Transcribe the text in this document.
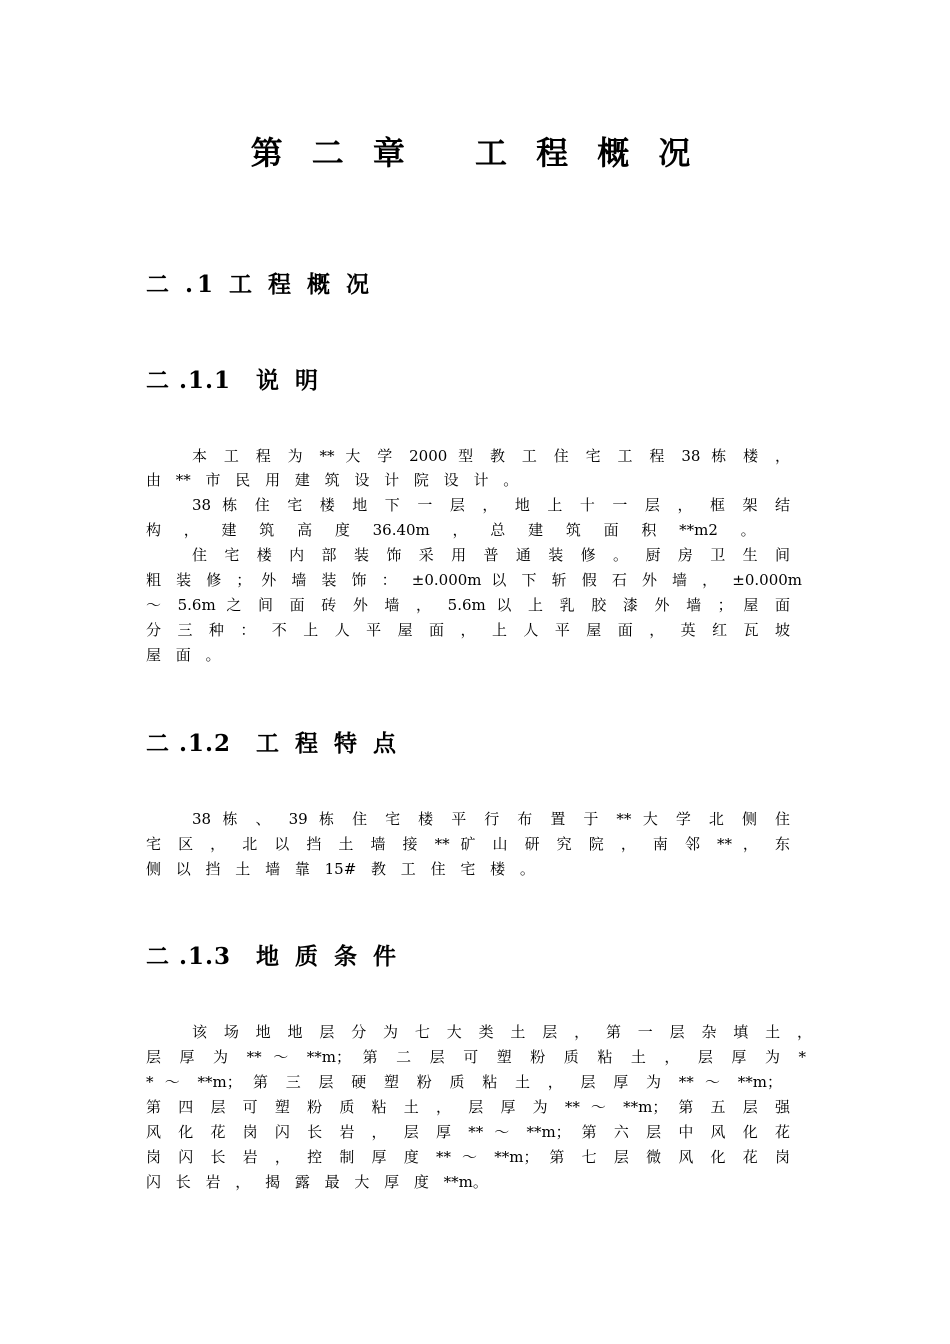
第 二 章　 工 程 概 况
二 .1 工 程 概 况
二 .1.1	说 明
本 工 程 为 ** 大 学 2000 型 教 工 住 宅 工 程 38 栋 楼 ，
由 ** 市 民 用 建 筑 设 计 院 设 计 。
38 栋 住 宅 楼 地 下 一 层 ， 地 上 十 一 层 ， 框 架 结
构 ， 建 筑 高 度 36.40m ， 总 建 筑 面 积 **m2 。
住 宅 楼 内 部 装 饰 采 用 普 通 装 修 。 厨 房 卫 生 间
粗 装 修 ； 外 墙 装 饰 ： ±0.000m 以 下 斩 假 石 外 墙 ， ±0.000m
～ 5.6m 之 间 面 砖 外 墙 ， 5.6m 以 上 乳 胶 漆 外 墙 ； 屋 面
分 三 种 ： 不 上 人 平 屋 面 ， 上 人 平 屋 面 ， 英 红 瓦 坡
屋 面 。
二 .1.2	工 程 特 点
38 栋 、 39 栋 住 宅 楼 平 行 布 置 于 ** 大 学 北 侧 住
宅 区 ， 北 以 挡 土 墙 接 ** 矿 山 研 究 院 ， 南 邻 ** ， 东
侧 以 挡 土 墙 靠 15# 教 工 住 宅 楼 。
二 .1.3	地 质 条 件
该 场 地 地 层 分 为 七 大 类 土 层 ， 第 一 层 杂 填 土 ，
层 厚 为 ** ～ **m； 第 二 层 可 塑 粉 质 粘 土 ， 层 厚 为 *
* ～ **m； 第 三 层 硬 塑 粉 质 粘 土 ， 层 厚 为 ** ～ **m；
第 四 层 可 塑 粉 质 粘 土 ， 层 厚 为 ** ～ **m； 第 五 层 强
风 化 花 岗 闪 长 岩 ， 层 厚 ** ～ **m； 第 六 层 中 风 化 花
岗 闪 长 岩 ， 控 制 厚 度 ** ～ **m； 第 七 层 微 风 化 花 岗
闪 长 岩 ， 揭 露 最 大 厚 度 **m。
